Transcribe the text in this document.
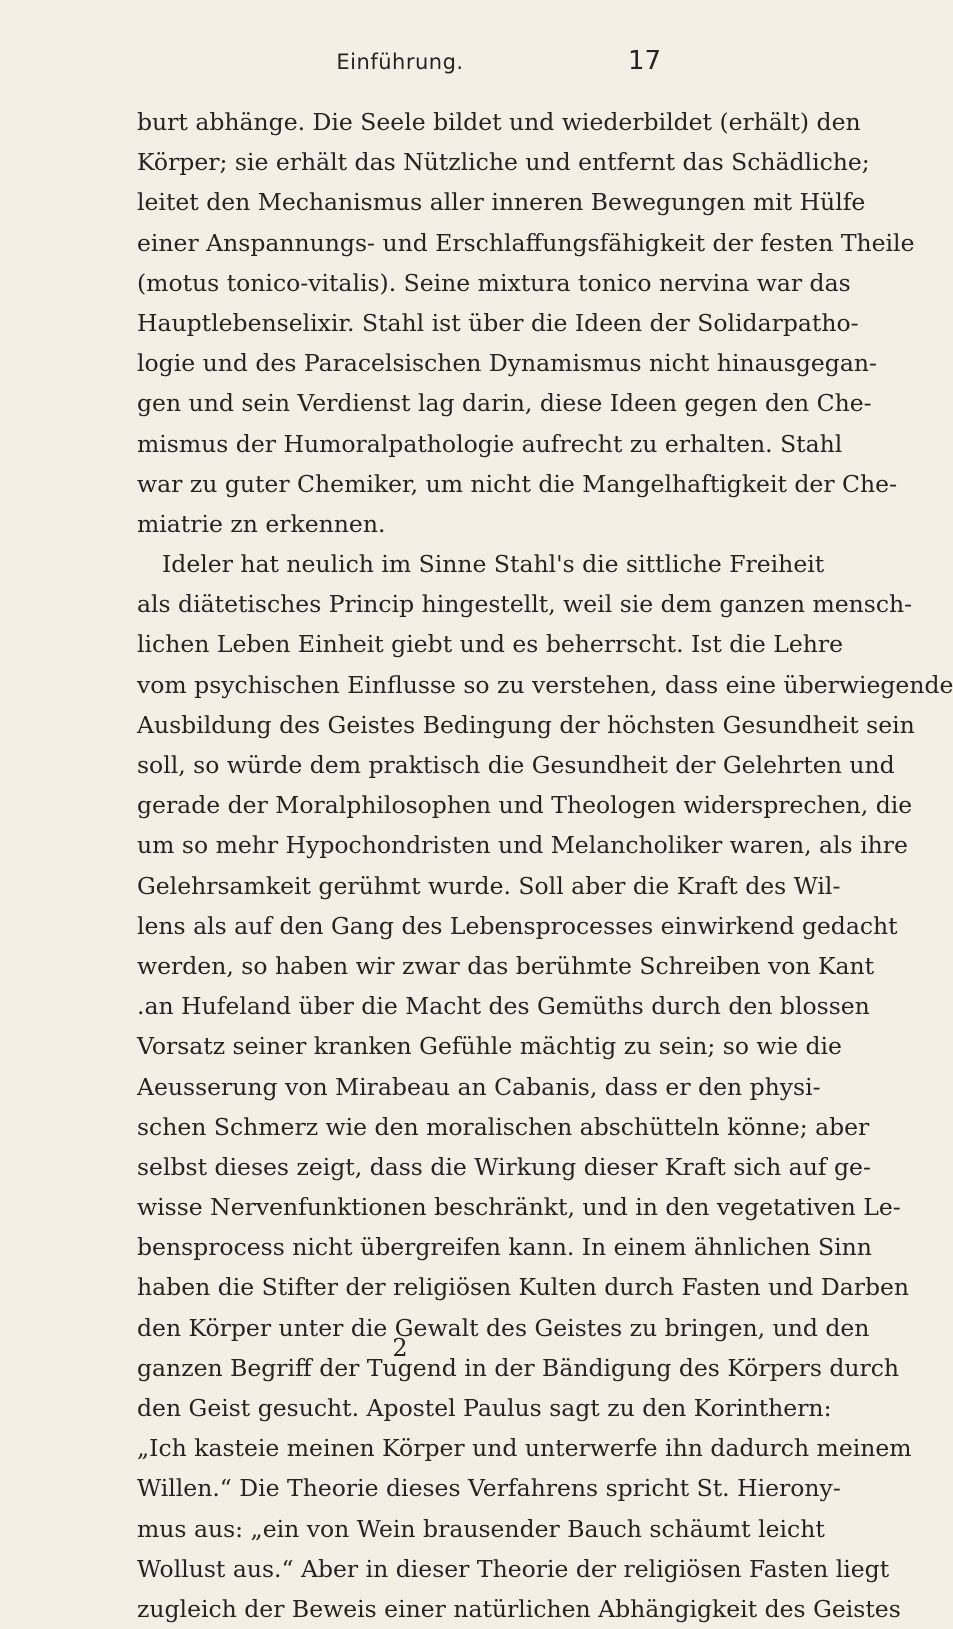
Einführung.	17
burt abhänge. Die Seele bildet und wiederbildet (erhält) den
Körper; sie erhält das Nützliche und entfernt das Schädliche;
leitet den Mechanismus aller inneren Bewegungen mit Hülfe
einer Anspannungs- und Erschlaffungsfähigkeit der festen Theile
(motus tonico-vitalis). Seine mixtura tonico nervina war das
Hauptlebenselixir. Stahl ist über die Ideen der Solidarpatho-
logie und des Paracelsischen Dynamismus nicht hinausgegan-
gen und sein Verdienst lag darin, diese Ideen gegen den Che-
mismus der Humoralpathologie aufrecht zu erhalten. Stahl
war zu guter Chemiker, um nicht die Mangelhaftigkeit der Che-
miatrie zn erkennen.
Ideler hat neulich im Sinne Stahl's die sittliche Freiheit
als diätetisches Princip hingestellt, weil sie dem ganzen mensch-
lichen Leben Einheit giebt und es beherrscht. Ist die Lehre
vom psychischen Einflusse so zu verstehen, dass eine überwiegende
Ausbildung des Geistes Bedingung der höchsten Gesundheit sein
soll, so würde dem praktisch die Gesundheit der Gelehrten und
gerade der Moralphilosophen und Theologen widersprechen, die
um so mehr Hypochondristen und Melancholiker waren, als ihre
Gelehrsamkeit gerühmt wurde. Soll aber die Kraft des Wil-
lens als auf den Gang des Lebensprocesses einwirkend gedacht
werden, so haben wir zwar das berühmte Schreiben von Kant
.an Hufeland über die Macht des Gemüths durch den blossen
Vorsatz seiner kranken Gefühle mächtig zu sein; so wie die
Aeusserung von Mirabeau an Cabanis, dass er den physi-
schen Schmerz wie den moralischen abschütteln könne; aber
selbst dieses zeigt, dass die Wirkung dieser Kraft sich auf ge-
wisse Nervenfunktionen beschränkt, und in den vegetativen Le-
bensprocess nicht übergreifen kann. In einem ähnlichen Sinn
haben die Stifter der religiösen Kulten durch Fasten und Darben
den Körper unter die Gewalt des Geistes zu bringen, und den
ganzen Begriff der Tugend in der Bändigung des Körpers durch
den Geist gesucht. Apostel Paulus sagt zu den Korinthern:
„Ich kasteie meinen Körper und unterwerfe ihn dadurch meinem
Willen.“ Die Theorie dieses Verfahrens spricht St. Hierony-
mus aus: „ein von Wein brausender Bauch schäumt leicht
Wollust aus.“ Aber in dieser Theorie der religiösen Fasten liegt
zugleich der Beweis einer natürlichen Abhängigkeit des Geistes
2
